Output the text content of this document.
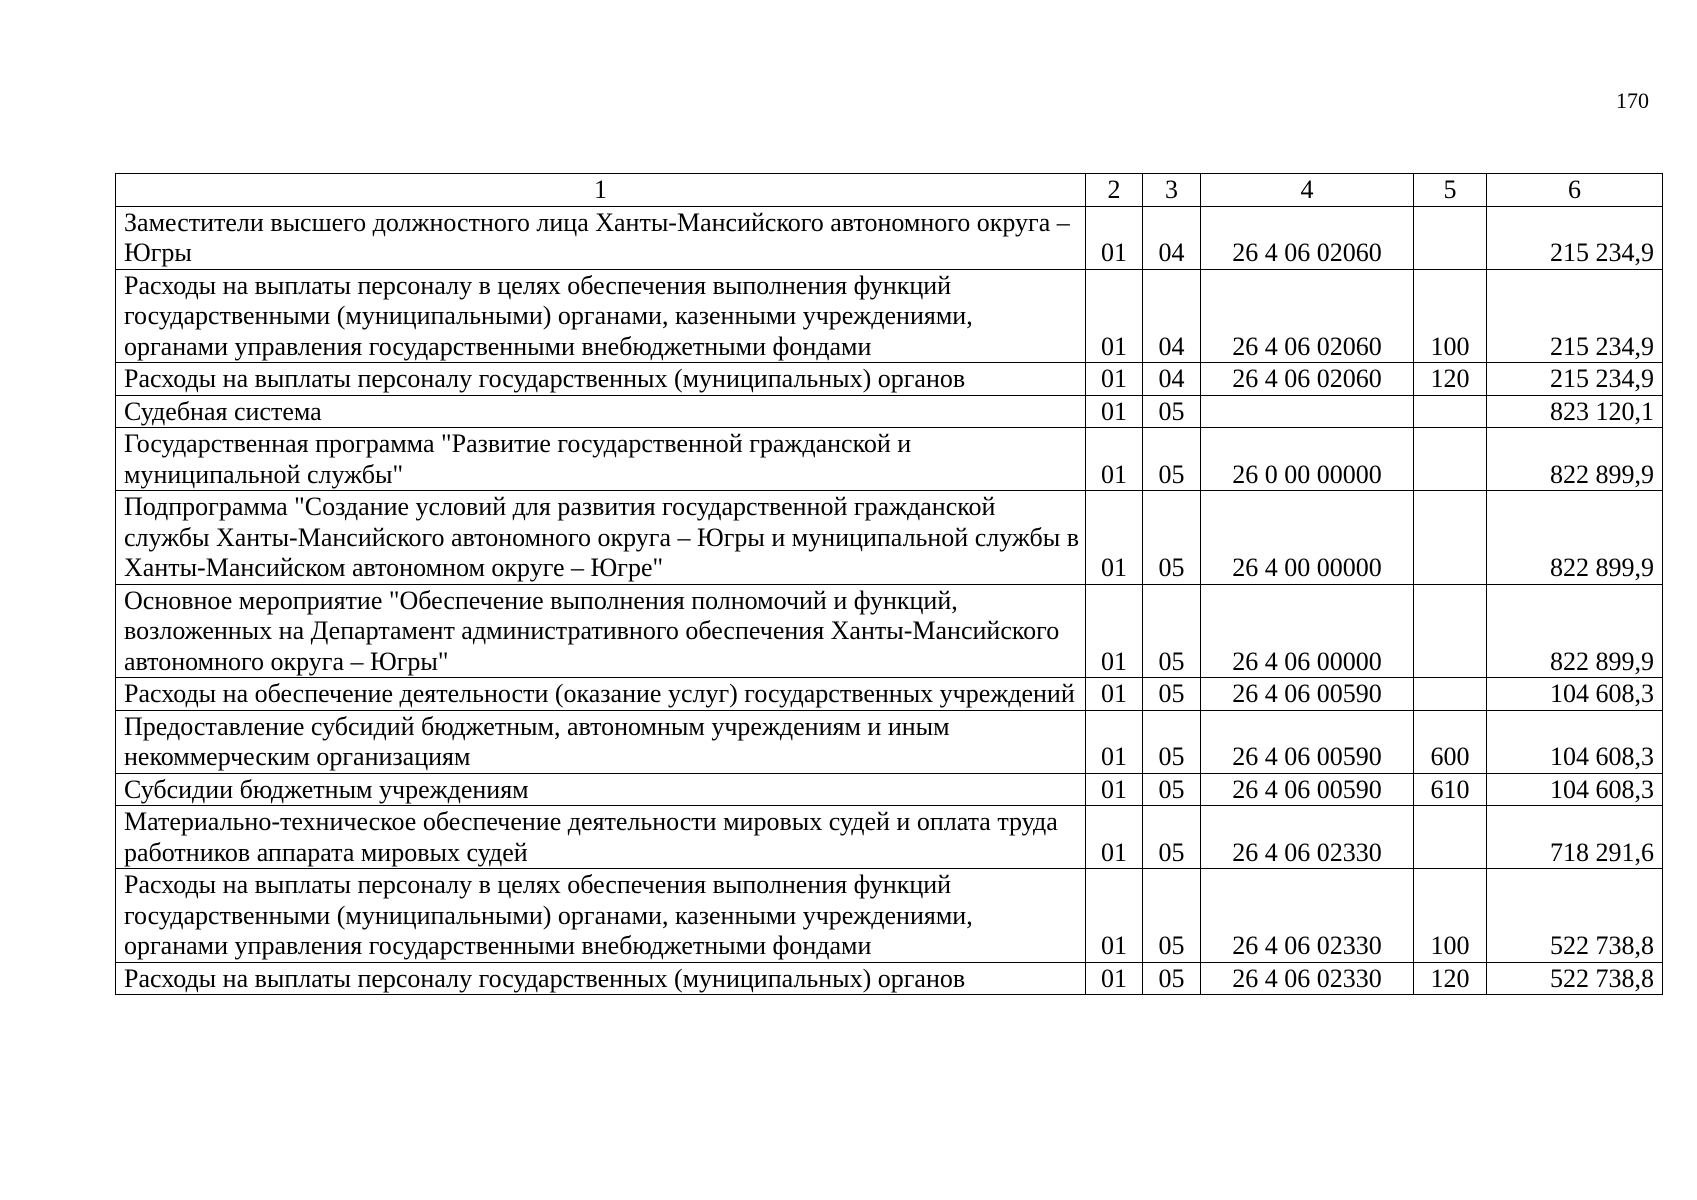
170
1	2	3	4	5	6
Заместители высшего должностного лица Ханты-Мансийского автономного округа – Югры	01	04	26 4 06 02060		215 234,9
Расходы на выплаты персоналу в целях обеспечения выполнения функций государственными (муниципальными) органами, казенными учреждениями, органами управления государственными внебюджетными фондами	01	04	26 4 06 02060	100	215 234,9
Расходы на выплаты персоналу государственных (муниципальных) органов	01	04	26 4 06 02060	120	215 234,9
Судебная система	01	05			823 120,1
Государственная программа "Развитие государственной гражданской и муниципальной службы"	01	05	26 0 00 00000		822 899,9
Подпрограмма "Создание условий для развития государственной гражданской службы Ханты-Мансийского автономного округа – Югры и муниципальной службы в Ханты-Мансийском автономном округе – Югре"	01	05	26 4 00 00000		822 899,9
Основное мероприятие "Обеспечение выполнения полномочий и функций, возложенных на Департамент административного обеспечения Ханты-Мансийского автономного округа – Югры"	01	05	26 4 06 00000		822 899,9
Расходы на обеспечение деятельности (оказание услуг) государственных учреждений	01	05	26 4 06 00590		104 608,3
Предоставление субсидий бюджетным, автономным учреждениям и иным некоммерческим организациям	01	05	26 4 06 00590	600	104 608,3
Субсидии бюджетным учреждениям	01	05	26 4 06 00590	610	104 608,3
Материально-техническое обеспечение деятельности мировых судей и оплата труда работников аппарата мировых судей	01	05	26 4 06 02330		718 291,6
Расходы на выплаты персоналу в целях обеспечения выполнения функций государственными (муниципальными) органами, казенными учреждениями, органами управления государственными внебюджетными фондами	01	05	26 4 06 02330	100	522 738,8
Расходы на выплаты персоналу государственных (муниципальных) органов	01	05	26 4 06 02330	120	522 738,8
